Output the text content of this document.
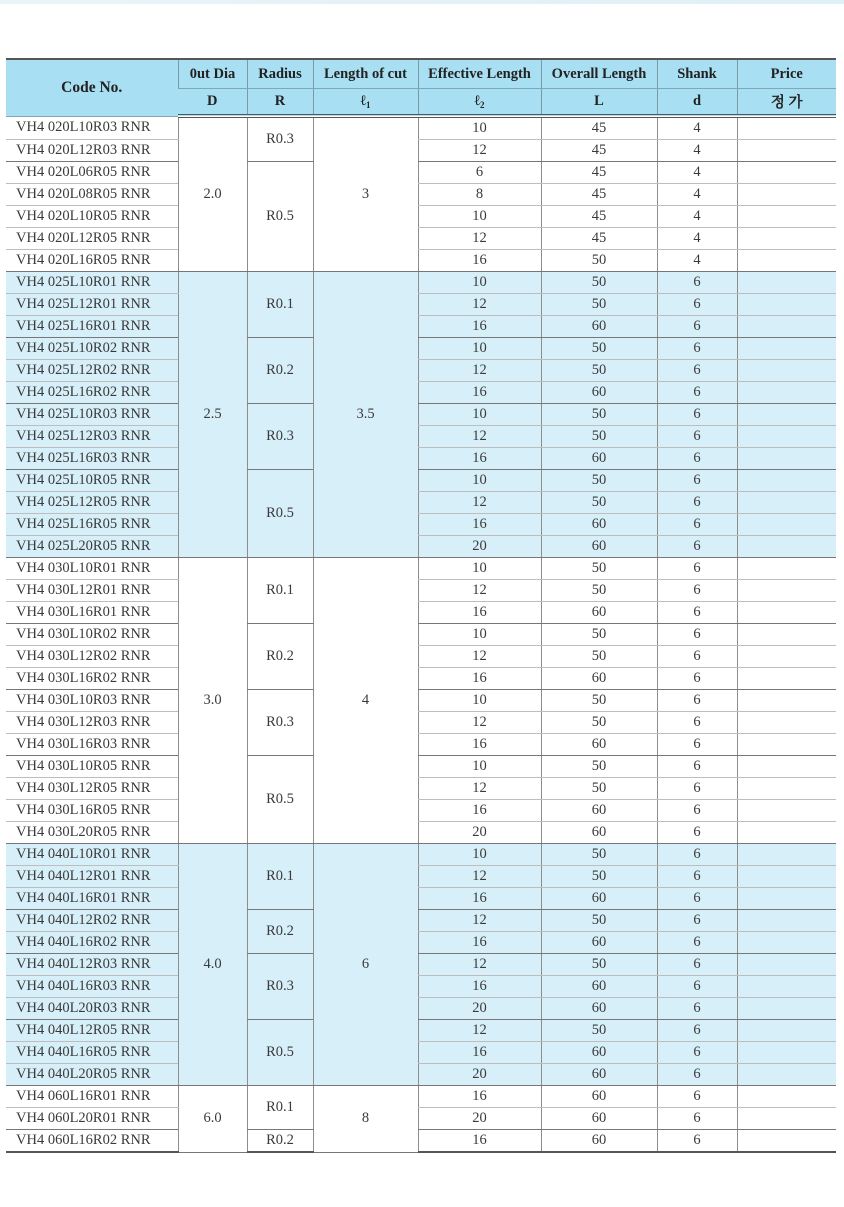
Code No.	0ut Dia	Radius	Length of cut	Effective Length	Overall Length	Shank	Price
	D	R	ℓ$_1$	ℓ$_2$	L	d	정 가
VH4 020L10R03 RNR	2.0	R0.3	3	10	45	4	
VH4 020L12R03 RNR				12	45	4	
VH4 020L06R05 RNR		R0.5		6	45	4	
VH4 020L08R05 RNR				8	45	4	
VH4 020L10R05 RNR				10	45	4	
VH4 020L12R05 RNR				12	45	4	
VH4 020L16R05 RNR				16	50	4	
VH4 025L10R01 RNR	2.5	R0.1	3.5	10	50	6	
VH4 025L12R01 RNR				12	50	6	
VH4 025L16R01 RNR				16	60	6	
VH4 025L10R02 RNR		R0.2		10	50	6	
VH4 025L12R02 RNR				12	50	6	
VH4 025L16R02 RNR				16	60	6	
VH4 025L10R03 RNR		R0.3		10	50	6	
VH4 025L12R03 RNR				12	50	6	
VH4 025L16R03 RNR				16	60	6	
VH4 025L10R05 RNR		R0.5		10	50	6	
VH4 025L12R05 RNR				12	50	6	
VH4 025L16R05 RNR				16	60	6	
VH4 025L20R05 RNR				20	60	6	
VH4 030L10R01 RNR	3.0	R0.1	4	10	50	6	
VH4 030L12R01 RNR				12	50	6	
VH4 030L16R01 RNR				16	60	6	
VH4 030L10R02 RNR		R0.2		10	50	6	
VH4 030L12R02 RNR				12	50	6	
VH4 030L16R02 RNR				16	60	6	
VH4 030L10R03 RNR		R0.3		10	50	6	
VH4 030L12R03 RNR				12	50	6	
VH4 030L16R03 RNR				16	60	6	
VH4 030L10R05 RNR		R0.5		10	50	6	
VH4 030L12R05 RNR				12	50	6	
VH4 030L16R05 RNR				16	60	6	
VH4 030L20R05 RNR				20	60	6	
VH4 040L10R01 RNR	4.0	R0.1	6	10	50	6	
VH4 040L12R01 RNR				12	50	6	
VH4 040L16R01 RNR				16	60	6	
VH4 040L12R02 RNR		R0.2		12	50	6	
VH4 040L16R02 RNR				16	60	6	
VH4 040L12R03 RNR		R0.3		12	50	6	
VH4 040L16R03 RNR				16	60	6	
VH4 040L20R03 RNR				20	60	6	
VH4 040L12R05 RNR		R0.5		12	50	6	
VH4 040L16R05 RNR				16	60	6	
VH4 040L20R05 RNR				20	60	6	
VH4 060L16R01 RNR	6.0	R0.1	8	16	60	6	
VH4 060L20R01 RNR				20	60	6	
VH4 060L16R02 RNR		R0.2		16	60	6	
